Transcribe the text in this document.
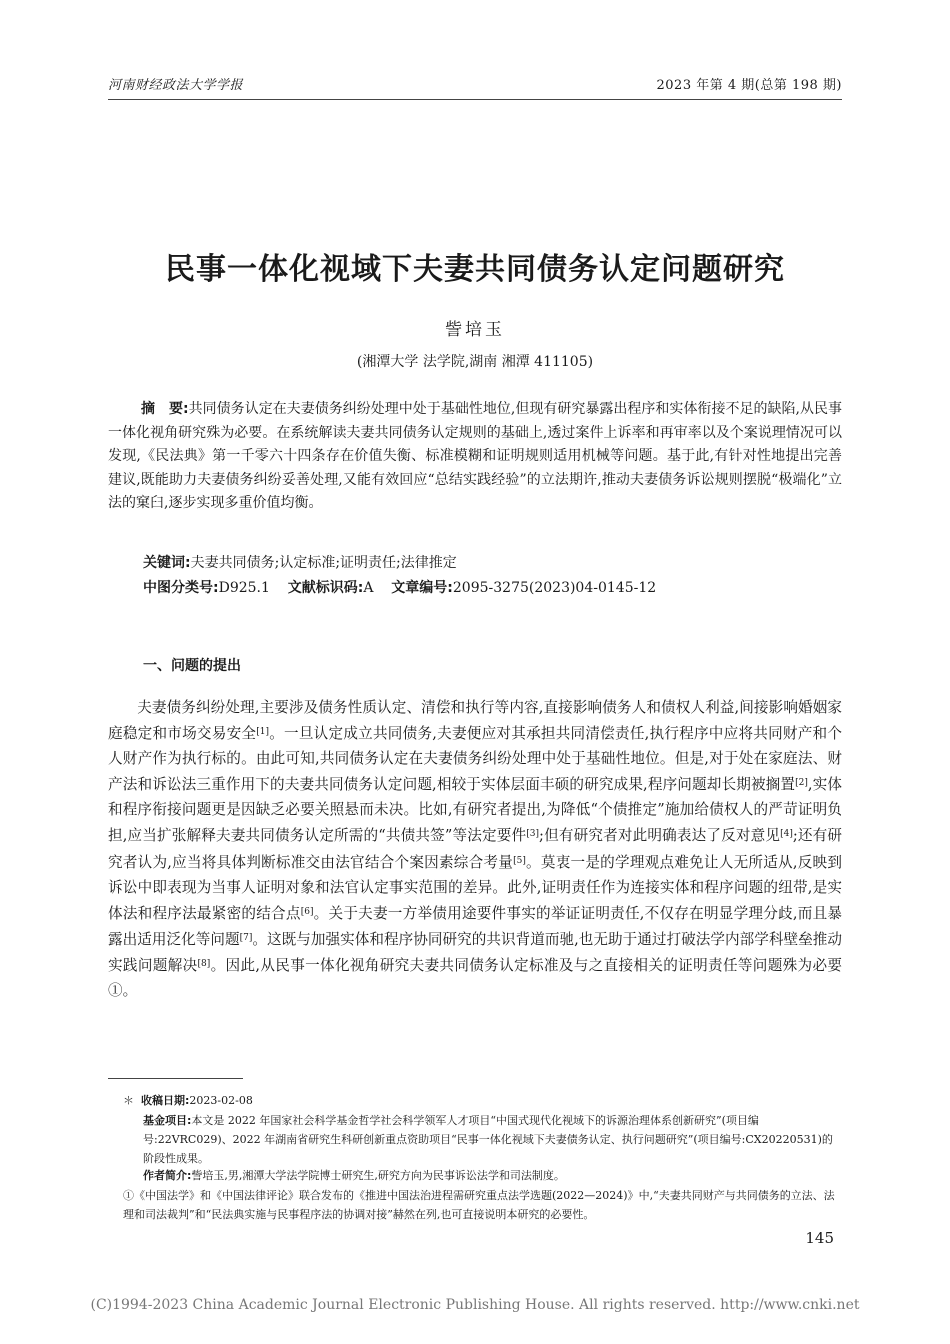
河南财经政法大学学报	2023 年第 4 期(总第 198 期)
民事一体化视域下夫妻共同债务认定问题研究
訾培玉
(湘潭大学 法学院,湖南 湘潭 411105)
摘　要:共同债务认定在夫妻债务纠纷处理中处于基础性地位,但现有研究暴露出程序和实体衔接不足的缺陷,从民事一体化视角研究殊为必要。在系统解读夫妻共同债务认定规则的基础上,透过案件上诉率和再审率以及个案说理情况可以发现,《民法典》第一千零六十四条存在价值失衡、标准模糊和证明规则适用机械等问题。基于此,有针对性地提出完善建议,既能助力夫妻债务纠纷妥善处理,又能有效回应“总结实践经验”的立法期许,推动夫妻债务诉讼规则摆脱“极端化”立法的窠臼,逐步实现多重价值均衡。
关键词:夫妻共同债务;认定标准;证明责任;法律推定
中图分类号:D925.1 文献标识码:A 文章编号:2095-3275(2023)04-0145-12
一、问题的提出
夫妻债务纠纷处理,主要涉及债务性质认定、清偿和执行等内容,直接影响债务人和债权人利益,间接影响婚姻家庭稳定和市场交易安全[1]。一旦认定成立共同债务,夫妻便应对其承担共同清偿责任,执行程序中应将共同财产和个人财产作为执行标的。由此可知,共同债务认定在夫妻债务纠纷处理中处于基础性地位。但是,对于处在家庭法、财产法和诉讼法三重作用下的夫妻共同债务认定问题,相较于实体层面丰硕的研究成果,程序问题却长期被搁置[2],实体和程序衔接问题更是因缺乏必要关照悬而未决。比如,有研究者提出,为降低“个债推定”施加给债权人的严苛证明负担,应当扩张解释夫妻共同债务认定所需的“共债共签”等法定要件[3];但有研究者对此明确表达了反对意见[4];还有研究者认为,应当将具体判断标准交由法官结合个案因素综合考量[5]。莫衷一是的学理观点难免让人无所适从,反映到诉讼中即表现为当事人证明对象和法官认定事实范围的差异。此外,证明责任作为连接实体和程序问题的纽带,是实体法和程序法最紧密的结合点[6]。关于夫妻一方举债用途要件事实的举证证明责任,不仅存在明显学理分歧,而且暴露出适用泛化等问题[7]。这既与加强实体和程序协同研究的共识背道而驰,也无助于通过打破法学内部学科壁垒推动实践问题解决[8]。因此,从民事一体化视角研究夫妻共同债务认定标准及与之直接相关的证明责任等问题殊为必要①。
＊ 收稿日期:2023-02-08
基金项目:本文是 2022 年国家社会科学基金哲学社会科学领军人才项目“中国式现代化视域下的诉源治理体系创新研究”(项目编号:22VRC029)、2022 年湖南省研究生科研创新重点资助项目“民事一体化视域下夫妻债务认定、执行问题研究”(项目编号:CX20220531)的阶段性成果。
作者简介:訾培玉,男,湘潭大学法学院博士研究生,研究方向为民事诉讼法学和司法制度。
①《中国法学》和《中国法律评论》联合发布的《推进中国法治进程需研究重点法学选题(2022—2024)》中,“夫妻共同财产与共同债务的立法、法理和司法裁判”和“民法典实施与民事程序法的协调对接”赫然在列,也可直接说明本研究的必要性。
145
(C)1994-2023 China Academic Journal Electronic Publishing House. All rights reserved. http://www.cnki.net
